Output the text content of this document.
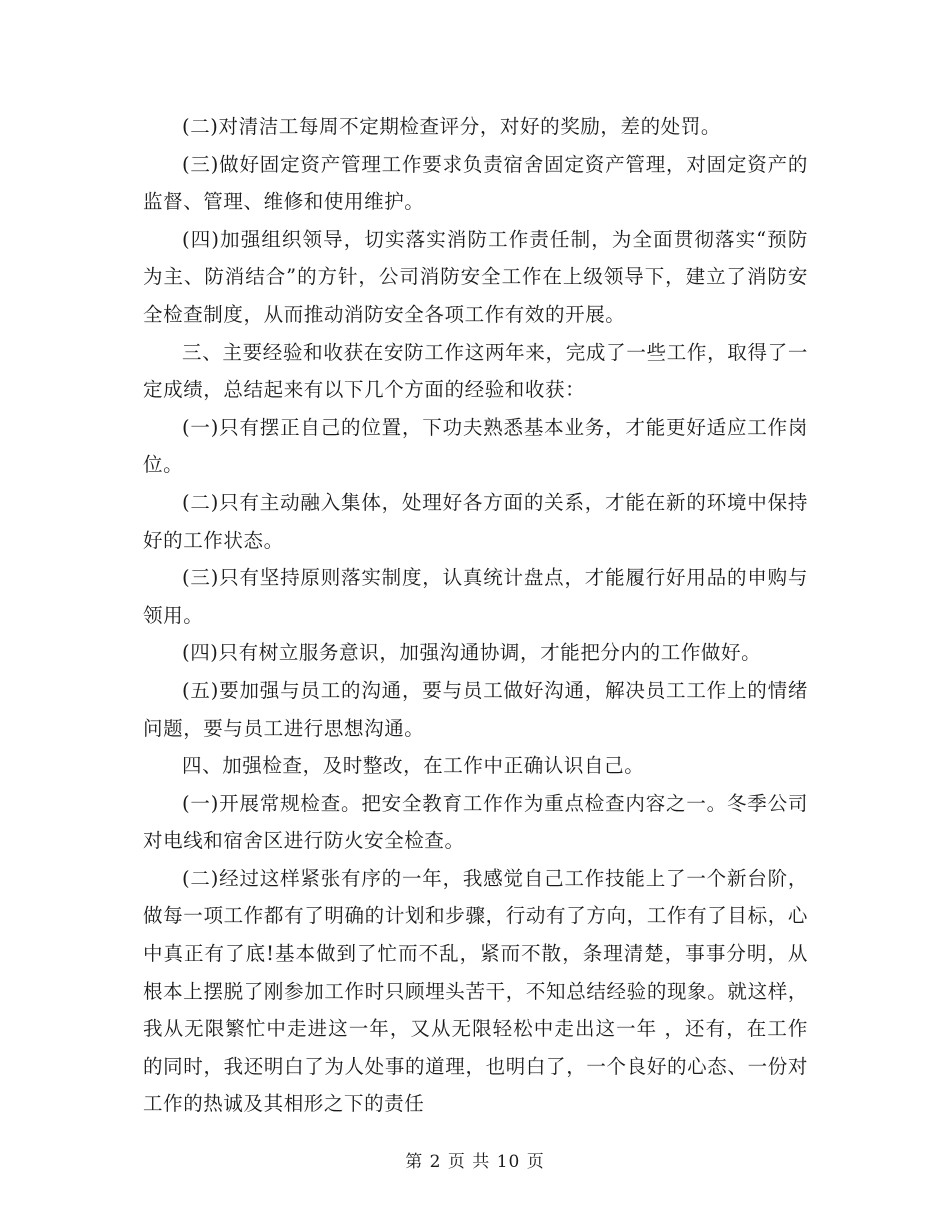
(二)对清洁工每周不定期检查评分，对好的奖励，差的处罚。

(三)做好固定资产管理工作要求负责宿舍固定资产管理，对固定资产的监督、管理、维修和使用维护。

(四)加强组织领导，切实落实消防工作责任制，为全面贯彻落实“预防为主、防消结合”的方针，公司消防安全工作在上级领导下，建立了消防安全检查制度，从而推动消防安全各项工作有效的开展。

三、主要经验和收获在安防工作这两年来，完成了一些工作，取得了一定成绩，总结起来有以下几个方面的经验和收获：

(一)只有摆正自己的位置，下功夫熟悉基本业务，才能更好适应工作岗位。

(二)只有主动融入集体，处理好各方面的关系，才能在新的环境中保持好的工作状态。

(三)只有坚持原则落实制度，认真统计盘点，才能履行好用品的申购与领用。

(四)只有树立服务意识，加强沟通协调，才能把分内的工作做好。

(五)要加强与员工的沟通，要与员工做好沟通，解决员工工作上的情绪问题，要与员工进行思想沟通。

四、加强检查，及时整改，在工作中正确认识自己。

(一)开展常规检查。把安全教育工作作为重点检查内容之一。冬季公司对电线和宿舍区进行防火安全检查。

(二)经过这样紧张有序的一年，我感觉自己工作技能上了一个新台阶，做每一项工作都有了明确的计划和步骤，行动有了方向，工作有了目标，心中真正有了底!基本做到了忙而不乱，紧而不散，条理清楚，事事分明，从根本上摆脱了刚参加工作时只顾埋头苦干，不知总结经验的现象。就这样，我从无限繁忙中走进这一年，又从无限轻松中走出这一年 ，还有，在工作的同时，我还明白了为人处事的道理，也明白了，一个良好的心态、一份对工作的热诚及其相形之下的责任

第 2 页 共 10 页
